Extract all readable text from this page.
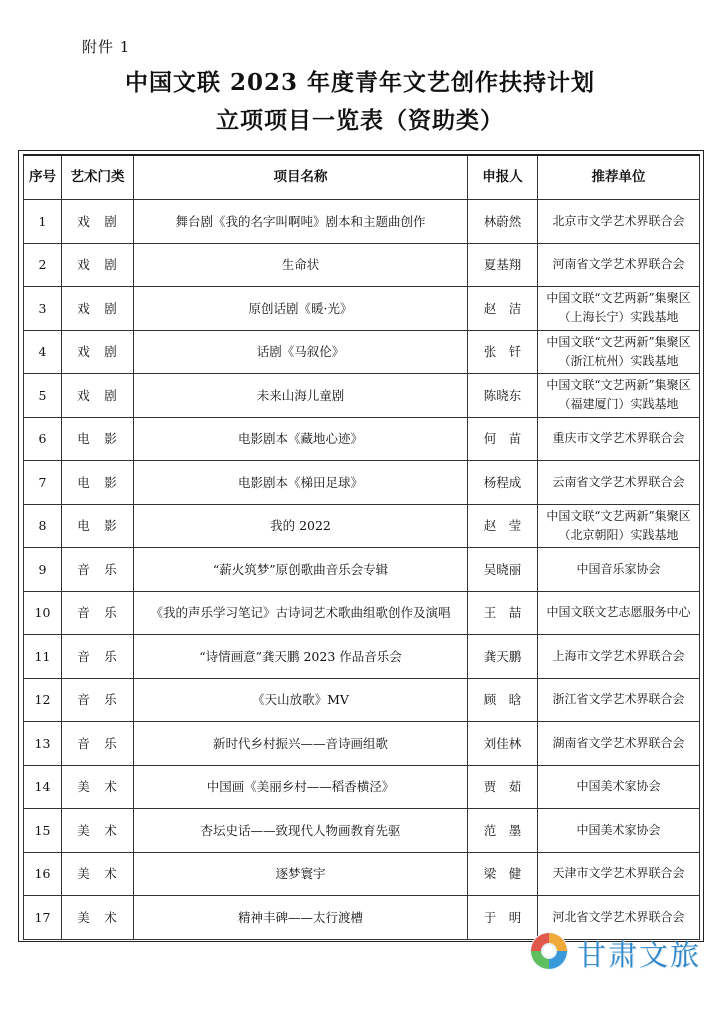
附件 1
中国文联 2023 年度青年文艺创作扶持计划
立项项目一览表（资助类）
序号	艺术门类	项目名称	申报人	推荐单位
1	戏　剧	舞台剧《我的名字叫啊吨》剧本和主题曲创作	林蔚然	北京市文学艺术界联合会
2	戏　剧	生命状	夏基翔	河南省文学艺术界联合会
3	戏　剧	原创话剧《暖·光》	赵　洁	中国文联“文艺两新”集聚区（上海长宁）实践基地
4	戏　剧	话剧《马叙伦》	张　钎	中国文联“文艺两新”集聚区（浙江杭州）实践基地
5	戏　剧	未来山海儿童剧	陈晓东	中国文联“文艺两新”集聚区（福建厦门）实践基地
6	电　影	电影剧本《藏地心迹》	何　苗	重庆市文学艺术界联合会
7	电　影	电影剧本《梯田足球》	杨程成	云南省文学艺术界联合会
8	电　影	我的 2022	赵　莹	中国文联“文艺两新”集聚区（北京朝阳）实践基地
9	音　乐	“薪火筑梦”原创歌曲音乐会专辑	吴晓丽	中国音乐家协会
10	音　乐	《我的声乐学习笔记》古诗词艺术歌曲组歌创作及演唱	王　喆	中国文联文艺志愿服务中心
11	音　乐	“诗情画意”龚天鹏 2023 作品音乐会	龚天鹏	上海市文学艺术界联合会
12	音　乐	《天山放歌》MV	顾　晗	浙江省文学艺术界联合会
13	音　乐	新时代乡村振兴——音诗画组歌	刘佳林	湖南省文学艺术界联合会
14	美　术	中国画《美丽乡村——稻香横泾》	贾　茹	中国美术家协会
15	美　术	杏坛史话——致现代人物画教育先驱	范　墨	中国美术家协会
16	美　术	逐梦寰宇	梁　健	天津市文学艺术界联合会
17	美　术	精神丰碑——太行渡槽	于　明	河北省文学艺术界联合会
甘肃文旅
